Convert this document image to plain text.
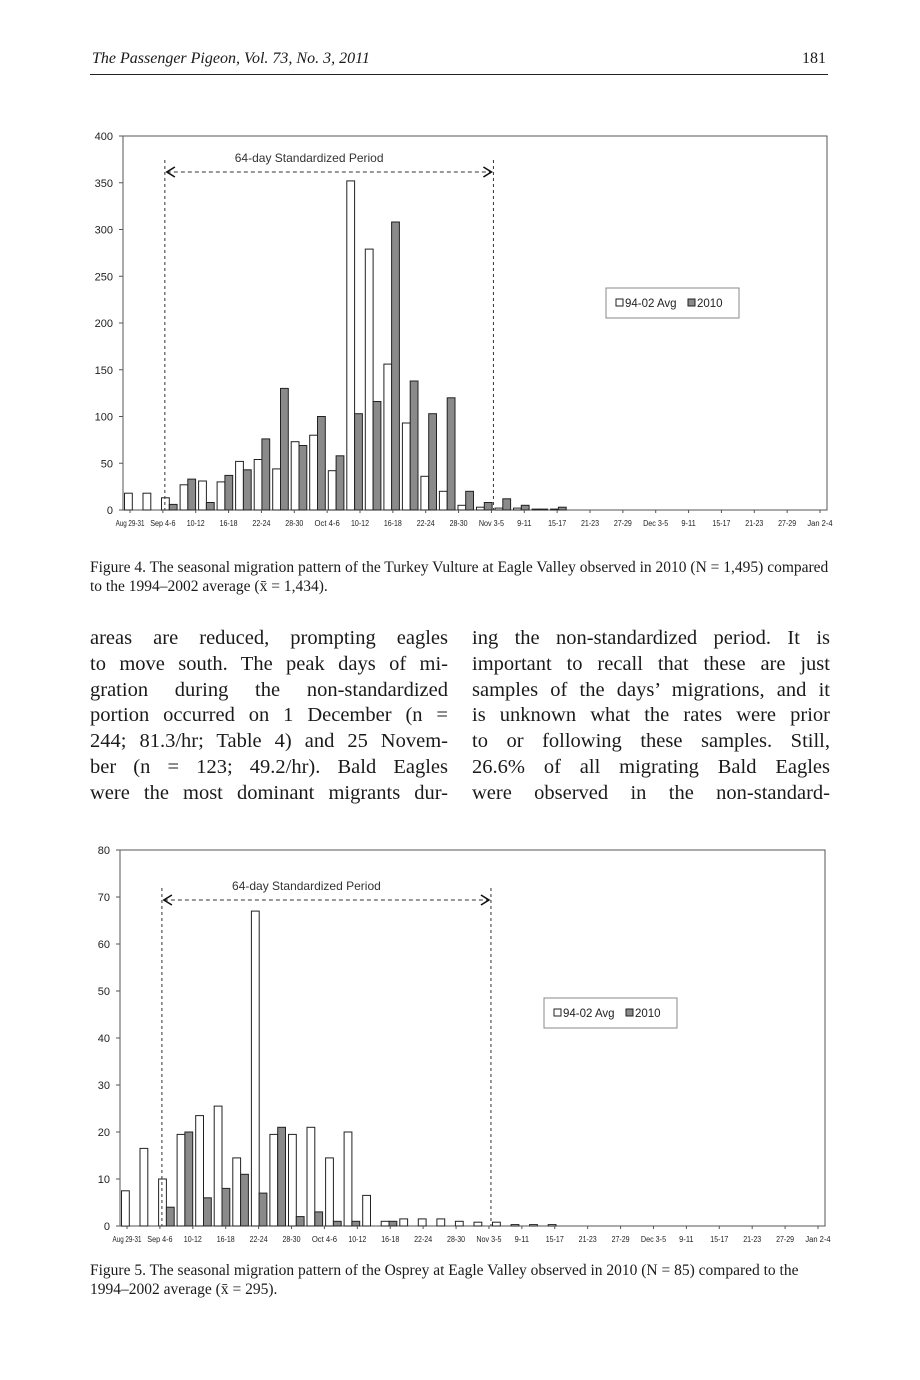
The Passenger Pigeon, Vol. 73, No. 3, 2011	181
0
50
100
150
200
250
300
350
400
Aug 29-31 Sep 4-6 10-12 16-18 22-24 28-30 Oct 4-6 10-12 16-18 22-24 28-30 Nov 3-5 9-11 15-17 21-23 27-29 Dec 3-5 9-11 15-17 21-23 27-29 Jan 2-4
64-day Standardized Period
94-02 Avg 2010
Figure 4. The seasonal migration pattern of the Turkey Vulture at Eagle Valley observed in 2010 (N = 1,495) compared to the 1994–2002 average (x̄ = 1,434).
areas are reduced, prompting eagles
to move south. The peak days of mi-
gration during the non-standardized
portion occurred on 1 December (n =
244; 81.3/hr; Table 4) and 25 Novem-
ber (n = 123; 49.2/hr). Bald Eagles
were the most dominant migrants dur-
ing the non-standardized period. It is
important to recall that these are just
samples of the days’ migrations, and it
is unknown what the rates were prior
to or following these samples. Still,
26.6% of all migrating Bald Eagles
were observed in the non-standard-
0
10
20
30
40
50
60
70
80
Aug 29-31 Sep 4-6 10-12 16-18 22-24 28-30 Oct 4-6 10-12 16-18 22-24 28-30 Nov 3-5 9-11 15-17 21-23 27-29 Dec 3-5 9-11 15-17 21-23 27-29 Jan 2-4
64-day Standardized Period
94-02 Avg 2010
Figure 5. The seasonal migration pattern of the Osprey at Eagle Valley observed in 2010 (N = 85) compared to the 1994–2002 average (x̄ = 295).
